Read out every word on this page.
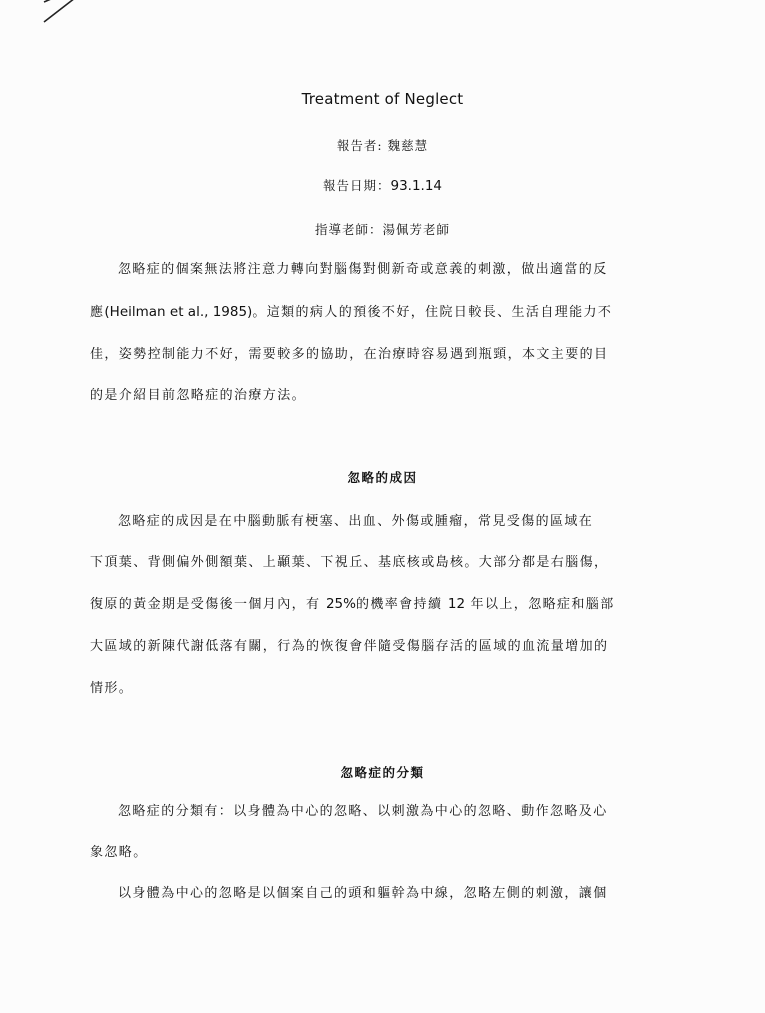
Treatment of Neglect
報告者: 魏慈慧
報告日期：93.1.14
指導老師：湯佩芳老師
忽略症的個案無法將注意力轉向對腦傷對側新奇或意義的刺激，做出適當的反
應(Heilman et al., 1985)。這類的病人的預後不好，住院日較長、生活自理能力不
佳，姿勢控制能力不好，需要較多的協助，在治療時容易遇到瓶頸，本文主要的目
的是介紹目前忽略症的治療方法。
忽略的成因
忽略症的成因是在中腦動脈有梗塞、出血、外傷或腫瘤，常見受傷的區域在
下頂葉、背側偏外側額葉、上顳葉、下視丘、基底核或島核。大部分都是右腦傷，
復原的黃金期是受傷後一個月內，有 25%的機率會持續 12 年以上，忽略症和腦部
大區域的新陳代謝低落有關，行為的恢復會伴隨受傷腦存活的區域的血流量增加的
情形。
忽略症的分類
忽略症的分類有：以身體為中心的忽略、以刺激為中心的忽略、動作忽略及心
象忽略。
以身體為中心的忽略是以個案自己的頭和軀幹為中線，忽略左側的刺激，讓個
